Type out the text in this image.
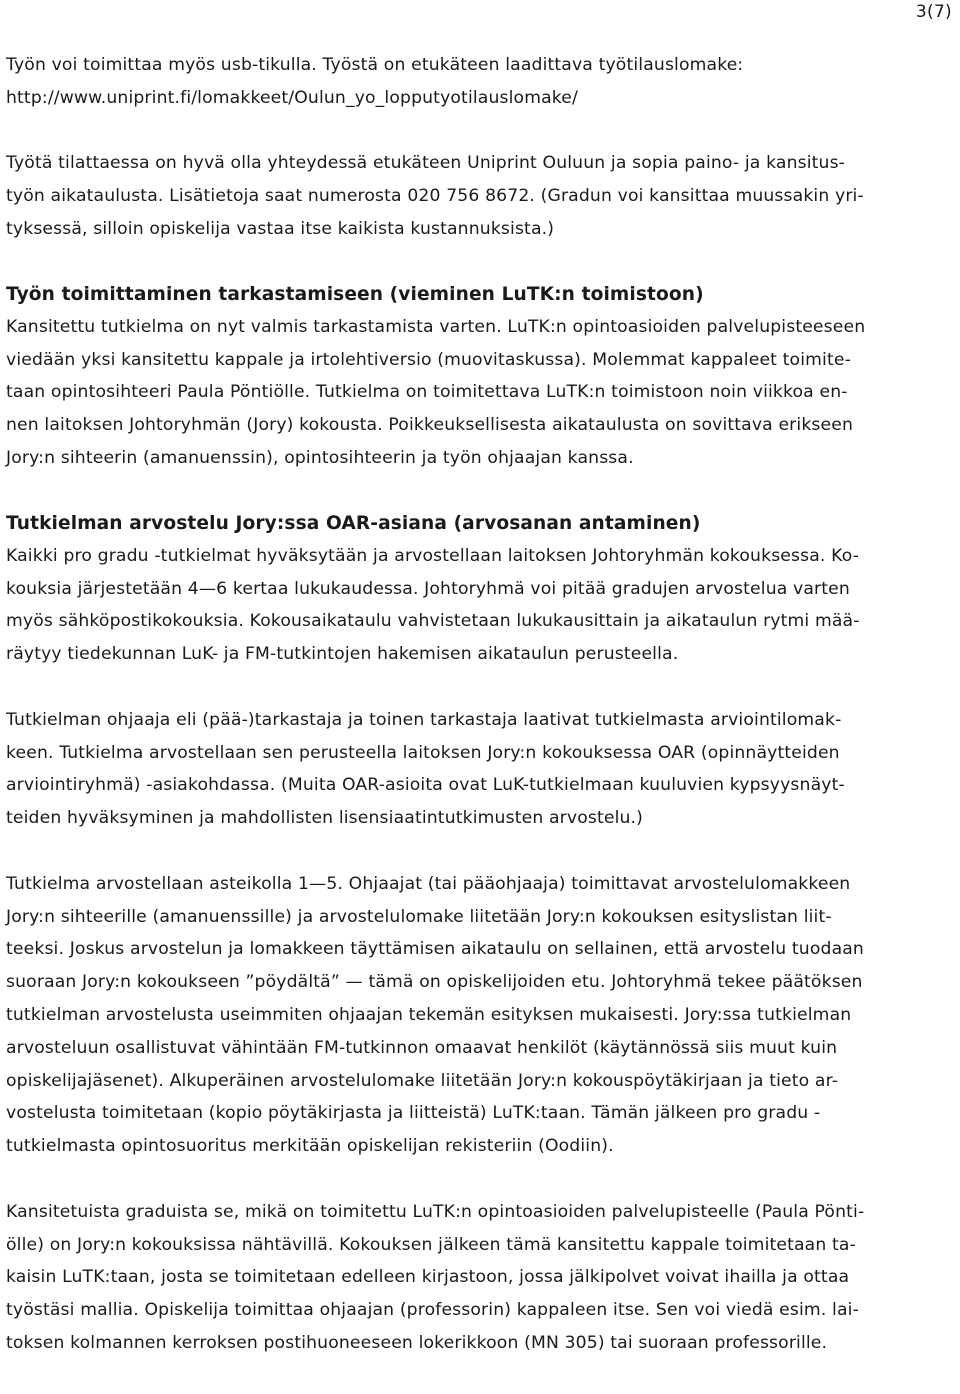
3(7)
Työn voi toimittaa myös usb-tikulla. Työstä on etukäteen laadittava työtilauslomake:
http://www.uniprint.fi/lomakkeet/Oulun_yo_lopputyotilauslomake/
Työtä tilattaessa on hyvä olla yhteydessä etukäteen Uniprint Ouluun ja sopia paino- ja kansitus-
työn aikataulusta. Lisätietoja saat numerosta 020 756 8672. (Gradun voi kansittaa muussakin yri-
tyksessä, silloin opiskelija vastaa itse kaikista kustannuksista.)
Työn toimittaminen tarkastamiseen (vieminen LuTK:n toimistoon)
Kansitettu tutkielma on nyt valmis tarkastamista varten. LuTK:n opintoasioiden palvelupisteeseen
viedään yksi kansitettu kappale ja irtolehtiversio (muovitaskussa). Molemmat kappaleet toimite-
taan opintosihteeri Paula Pöntiölle. Tutkielma on toimitettava LuTK:n toimistoon noin viikkoa en-
nen laitoksen Johtoryhmän (Jory) kokousta. Poikkeuksellisesta aikataulusta on sovittava erikseen
Jory:n sihteerin (amanuenssin), opintosihteerin ja työn ohjaajan kanssa.
Tutkielman arvostelu Jory:ssa OAR-asiana (arvosanan antaminen)
Kaikki pro gradu -tutkielmat hyväksytään ja arvostellaan laitoksen Johtoryhmän kokouksessa. Ko-
kouksia järjestetään 4—6 kertaa lukukaudessa. Johtoryhmä voi pitää gradujen arvostelua varten
myös sähköpostikokouksia. Kokousaikataulu vahvistetaan lukukausittain ja aikataulun rytmi mää-
räytyy tiedekunnan LuK- ja FM-tutkintojen hakemisen aikataulun perusteella.
Tutkielman ohjaaja eli (pää-)tarkastaja ja toinen tarkastaja laativat tutkielmasta arviointilomak-
keen. Tutkielma arvostellaan sen perusteella laitoksen Jory:n kokouksessa OAR (opinnäytteiden
arviointiryhmä) -asiakohdassa. (Muita OAR-asioita ovat LuK-tutkielmaan kuuluvien kypsyysnäyt-
teiden hyväksyminen ja mahdollisten lisensiaatintutkimusten arvostelu.)
Tutkielma arvostellaan asteikolla 1—5. Ohjaajat (tai pääohjaaja) toimittavat arvostelulomakkeen
Jory:n sihteerille (amanuenssille) ja arvostelulomake liitetään Jory:n kokouksen esityslistan liit-
teeksi. Joskus arvostelun ja lomakkeen täyttämisen aikataulu on sellainen, että arvostelu tuodaan
suoraan Jory:n kokoukseen ”pöydältä” — tämä on opiskelijoiden etu. Johtoryhmä tekee päätöksen
tutkielman arvostelusta useimmiten ohjaajan tekemän esityksen mukaisesti. Jory:ssa tutkielman
arvosteluun osallistuvat vähintään FM-tutkinnon omaavat henkilöt (käytännössä siis muut kuin
opiskelijajäsenet). Alkuperäinen arvostelulomake liitetään Jory:n kokouspöytäkirjaan ja tieto ar-
vostelusta toimitetaan (kopio pöytäkirjasta ja liitteistä) LuTK:taan. Tämän jälkeen pro gradu -
tutkielmasta opintosuoritus merkitään opiskelijan rekisteriin (Oodiin).
Kansitetuista graduista se, mikä on toimitettu LuTK:n opintoasioiden palvelupisteelle (Paula Pönti-
ölle) on Jory:n kokouksissa nähtävillä. Kokouksen jälkeen tämä kansitettu kappale toimitetaan ta-
kaisin LuTK:taan, josta se toimitetaan edelleen kirjastoon, jossa jälkipolvet voivat ihailla ja ottaa
työstäsi mallia. Opiskelija toimittaa ohjaajan (professorin) kappaleen itse. Sen voi viedä esim. lai-
toksen kolmannen kerroksen postihuoneeseen lokerikkoon (MN 305) tai suoraan professorille.
